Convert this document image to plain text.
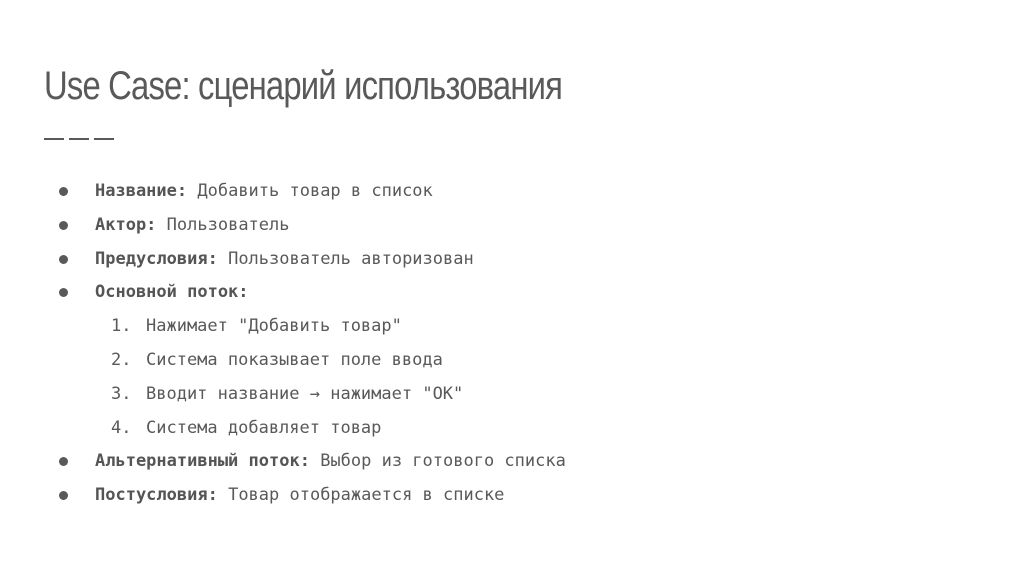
Use Case: сценарий использования
Название: Добавить товар в список
Актор: Пользователь
Предусловия: Пользователь авторизован
Основной поток:
1. Нажимает "Добавить товар"
2. Система показывает поле ввода
3. Вводит название → нажимает "ОК"
4. Система добавляет товар
Альтернативный поток: Выбор из готового списка
Постусловия: Товар отображается в списке
